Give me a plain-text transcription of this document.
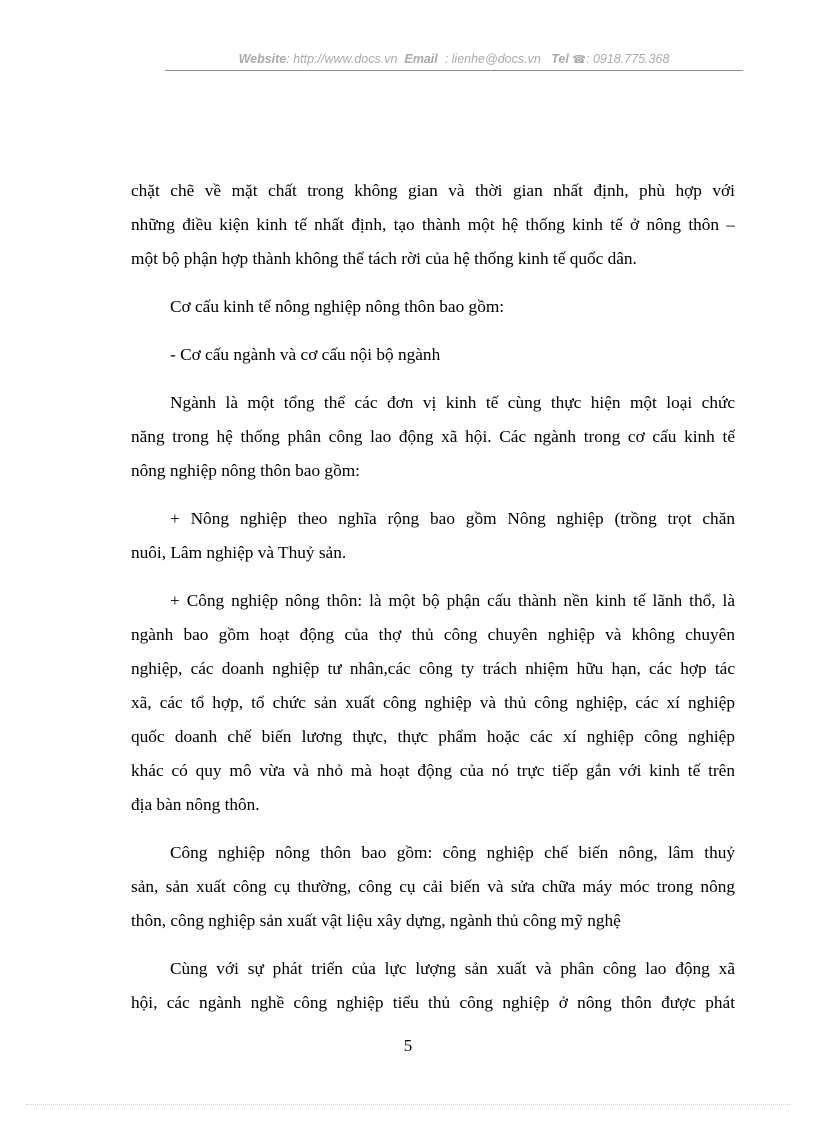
Website: http://www.docs.vn Email : lienhe@docs.vn Tel ☎: 0918.775.368
chặt chẽ về mặt chất trong không gian và thời gian nhất định, phù hợp với
những điều kiện kinh tế nhất định, tạo thành một hệ thống kinh tế ở nông thôn –
một bộ phận hợp thành không thể tách rời của hệ thống kinh tế quốc dân.
Cơ cấu kinh tế nông nghiệp nông thôn bao gồm:
- Cơ cấu ngành và cơ cấu nội bộ ngành
Ngành là một tổng thể các đơn vị kinh tế cùng thực hiện một loại chức
năng trong hệ thống phân công lao động xã hội. Các ngành trong cơ cấu kinh tế
nông nghiệp nông thôn bao gồm:
+ Nông nghiệp theo nghĩa rộng bao gồm Nông nghiệp (trồng trọt chăn
nuôi, Lâm nghiệp và Thuỷ sản.
+ Công nghiệp nông thôn: là một bộ phận cấu thành nền kinh tế lãnh thổ, là
ngành bao gồm hoạt động của thợ thủ công chuyên nghiệp và không chuyên
nghiệp, các doanh nghiệp tư nhân,các công ty trách nhiệm hữu hạn, các hợp tác
xã, các tổ hợp, tổ chức sản xuất công nghiệp và thủ công nghiệp, các xí nghiệp
quốc doanh chế biến lương thực, thực phẩm hoặc các xí nghiệp công nghiệp
khác có quy mô vừa và nhỏ mà hoạt động của nó trực tiếp gắn với kinh tế trên
địa bàn nông thôn.
Công nghiệp nông thôn bao gồm: công nghiệp chế biến nông, lâm thuỷ
sản, sản xuất công cụ thường, công cụ cải biến và sửa chữa máy móc trong nông
thôn, công nghiệp sản xuất vật liệu xây dựng, ngành thủ công mỹ nghệ
Cùng với sự phát triển của lực lượng sản xuất và phân công lao động xã
hội, các ngành nghề công nghiệp tiểu thủ công nghiệp ở nông thôn được phát
5
